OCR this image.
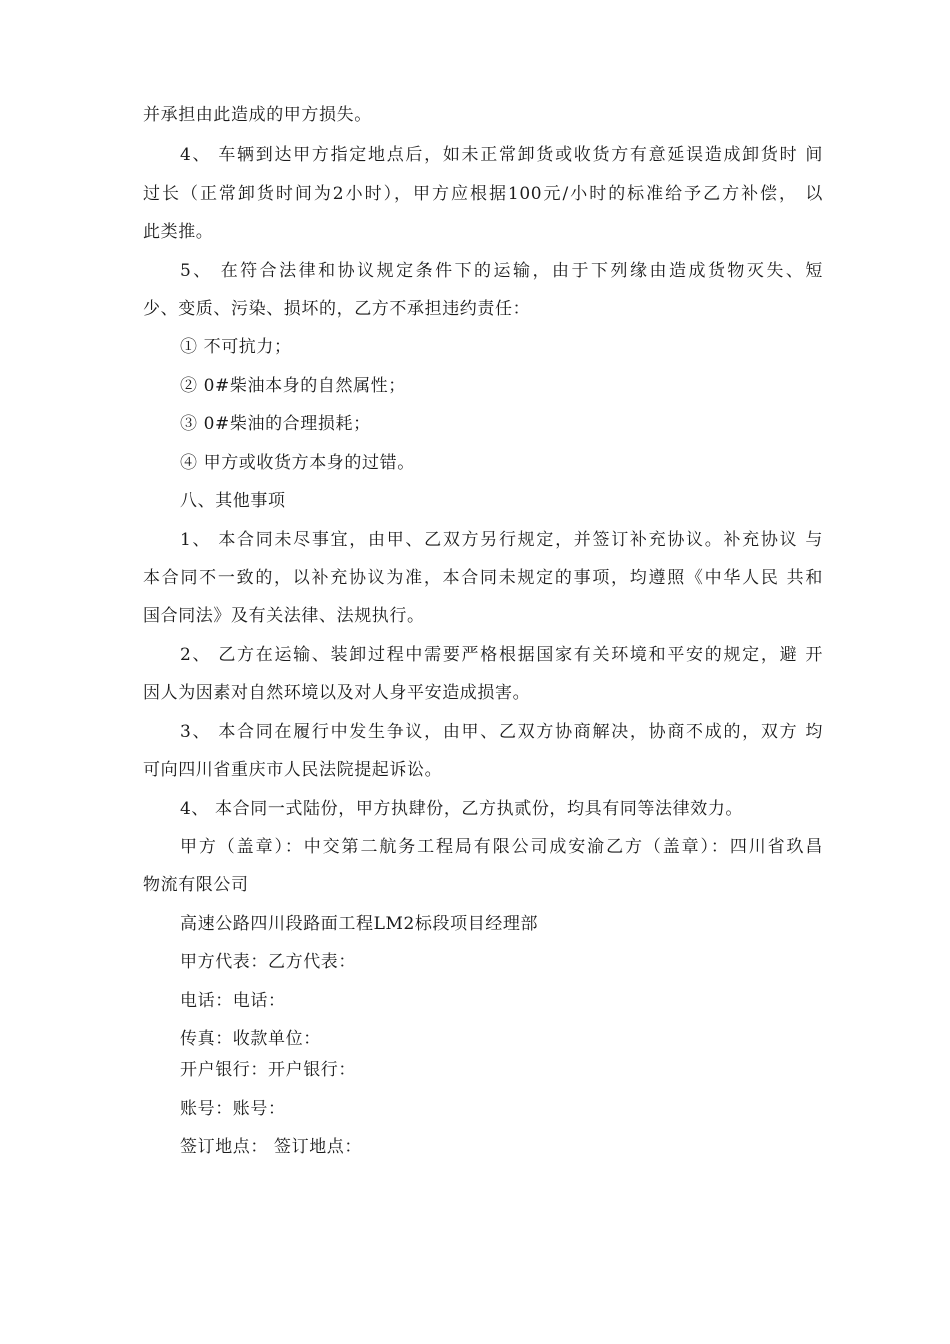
并承担由此造成的甲方损失。
4、 车辆到达甲方指定地点后，如未正常卸货或收货方有意延误造成卸货时 间
过长（正常卸货时间为2小时），甲方应根据100元/小时的标准给予乙方补偿， 以
此类推。
5、 在符合法律和协议规定条件下的运输，由于下列缘由造成货物灭失、短
少、变质、污染、损坏的，乙方不承担违约责任：
① 不可抗力；
② 0#柴油本身的自然属性；
③ 0#柴油的合理损耗；
④ 甲方或收货方本身的过错。
八、其他事项
1、 本合同未尽事宜，由甲、乙双方另行规定，并签订补充协议。补充协议 与
本合同不一致的，以补充协议为准，本合同未规定的事项，均遵照《中华人民 共和
国合同法》及有关法律、法规执行。
2、 乙方在运输、装卸过程中需要严格根据国家有关环境和平安的规定，避 开
因人为因素对自然环境以及对人身平安造成损害。
3、 本合同在履行中发生争议，由甲、乙双方协商解决，协商不成的，双方 均
可向四川省重庆市人民法院提起诉讼。
4、 本合同一式陆份，甲方执肆份，乙方执贰份，均具有同等法律效力。
甲方（盖章）：中交第二航务工程局有限公司成安渝乙方（盖章）：四川省玖昌
物流有限公司
高速公路四川段路面工程LM2标段项目经理部
甲方代表：乙方代表：
电话：电话：
传真：收款单位：
开户银行：开户银行：
账号：账号：
签订地点： 签订地点：
